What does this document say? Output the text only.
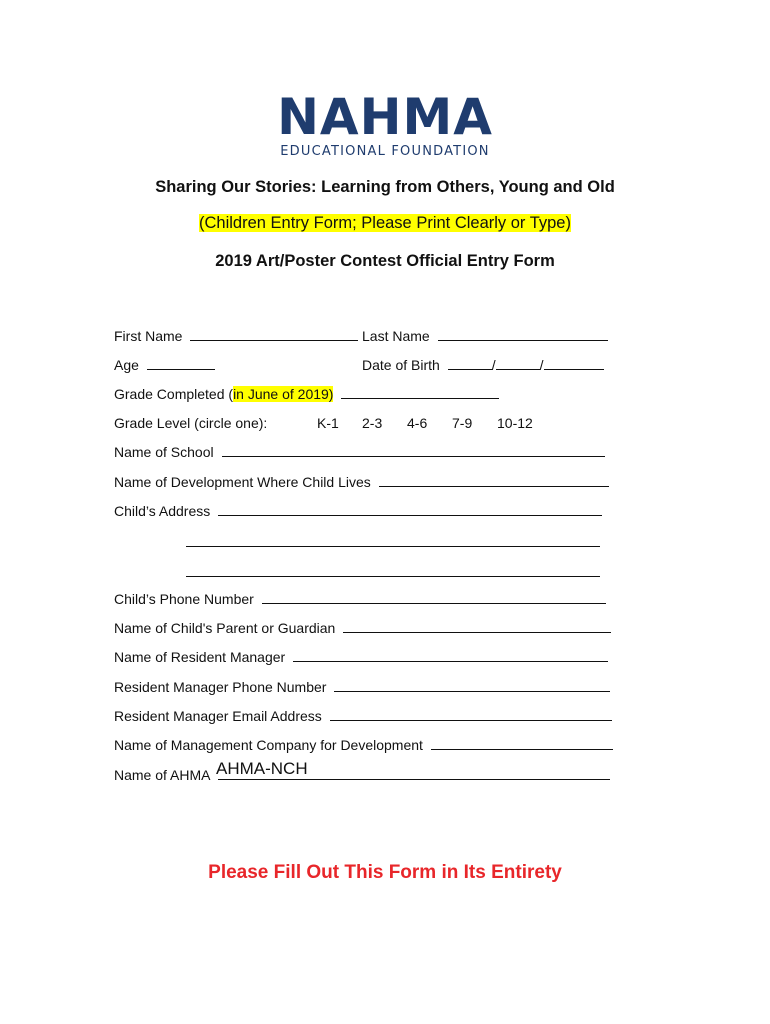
NAHMA
EDUCATIONAL FOUNDATION
Sharing Our Stories: Learning from Others, Young and Old
(Children Entry Form; Please Print Clearly or Type)
2019 Art/Poster Contest Official Entry Form
First Name	Last Name
Age	Date of Birth	/	/
Grade Completed (in June of 2019)
Grade Level (circle one):	K-1 2-3 4-6 7-9 10-12
Name of School
Name of Development Where Child Lives
Child’s Address
Child’s Phone Number
Name of Child's Parent or Guardian
Name of Resident Manager
Resident Manager Phone Number
Resident Manager Email Address
Name of Management Company for Development
Name of AHMA AHMA-NCH
Please Fill Out This Form in Its Entirety
